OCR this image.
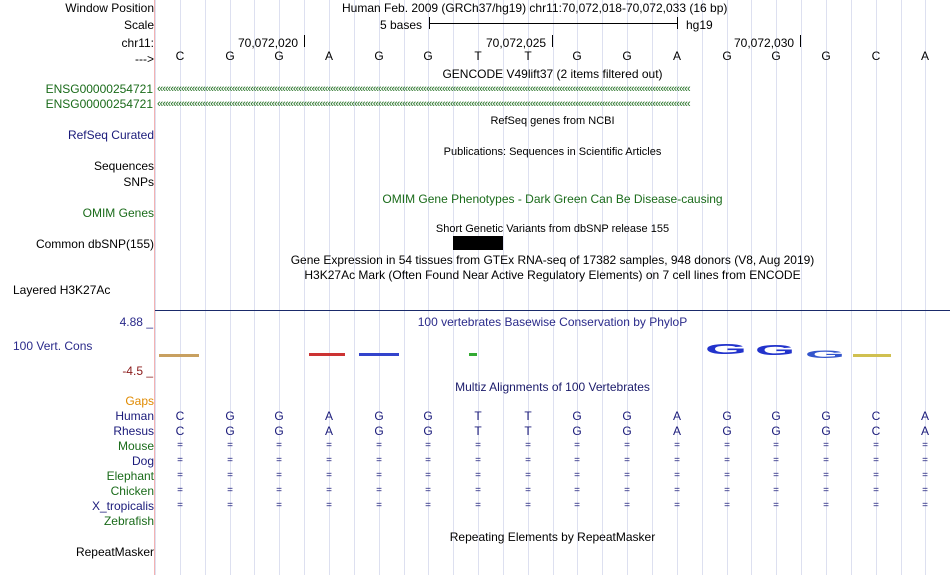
Window Position	Human Feb. 2009 (GRCh37/hg19) chr11:70,072,018-70,072,033 (16 bp)
Scale	5 bases	hg19
chr11:	70,072,020	70,072,025	70,072,030
--->	C	G	G	A	G	G	T	T	G	G	A	G	G	G	C	A
GENCODE V49lift37 (2 items filtered out)
ENSG00000254721 ‹‹‹‹‹‹‹‹‹‹‹‹‹‹‹‹‹‹‹‹‹‹‹‹‹‹‹‹‹‹‹‹‹‹‹‹‹‹‹‹‹‹‹‹‹‹‹‹‹‹‹‹‹‹‹‹‹‹‹‹‹‹‹‹‹‹‹‹‹‹‹‹‹‹‹‹‹‹‹‹‹‹‹‹‹‹‹‹‹‹‹‹‹‹‹‹‹‹‹‹‹‹‹‹‹‹‹‹‹‹‹‹‹‹‹‹‹‹‹‹‹‹‹‹‹‹‹‹‹‹‹‹‹‹‹‹‹‹‹‹‹‹‹‹‹‹‹‹‹‹‹‹‹‹‹‹‹‹‹‹‹‹‹‹‹‹‹‹‹‹‹‹‹‹‹‹‹‹‹‹‹‹‹‹‹‹‹‹‹‹‹‹‹‹‹‹‹‹‹‹
ENSG00000254721 ‹‹‹‹‹‹‹‹‹‹‹‹‹‹‹‹‹‹‹‹‹‹‹‹‹‹‹‹‹‹‹‹‹‹‹‹‹‹‹‹‹‹‹‹‹‹‹‹‹‹‹‹‹‹‹‹‹‹‹‹‹‹‹‹‹‹‹‹‹‹‹‹‹‹‹‹‹‹‹‹‹‹‹‹‹‹‹‹‹‹‹‹‹‹‹‹‹‹‹‹‹‹‹‹‹‹‹‹‹‹‹‹‹‹‹‹‹‹‹‹‹‹‹‹‹‹‹‹‹‹‹‹‹‹‹‹‹‹‹‹‹‹‹‹‹‹‹‹‹‹‹‹‹‹‹‹‹‹‹‹‹‹‹‹‹‹‹‹‹‹‹‹‹‹‹‹‹‹‹‹‹‹‹‹‹‹‹‹‹‹‹‹‹‹‹‹‹‹‹‹
RefSeq genes from NCBI
RefSeq Curated
Publications: Sequences in Scientific Articles
Sequences
SNPs
OMIM Gene Phenotypes - Dark Green Can Be Disease-causing
OMIM Genes
Short Genetic Variants from dbSNP release 155
Common dbSNP(155)
Gene Expression in 54 tissues from GTEx RNA-seq of 17382 samples, 948 donors (V8, Aug 2019)
H3K27Ac Mark (Often Found Near Active Regulatory Elements) on 7 cell lines from ENCODE
Layered H3K27Ac
4.88 _	100 vertebrates Basewise Conservation by PhyloP
100 Vert. Cons
-4.5 _
G G G
Multiz Alignments of 100 Vertebrates
Gaps
Human	C	G	G	A	G	G	T	T	G	G	A	G	G	G	C	A
Rhesus	C	G	G	A	G	G	T	T	G	G	A	G	G	G	C	A
Mouse	=	=	=	=	=	=	=	=	=	=	=	=	=	=	=	=
Dog	=	=	=	=	=	=	=	=	=	=	=	=	=	=	=	=
Elephant	=	=	=	=	=	=	=	=	=	=	=	=	=	=	=	=
Chicken	=	=	=	=	=	=	=	=	=	=	=	=	=	=	=	=
X_tropicalis	=	=	=	=	=	=	=	=	=	=	=	=	=	=	=	=
Zebrafish
Repeating Elements by RepeatMasker
RepeatMasker
